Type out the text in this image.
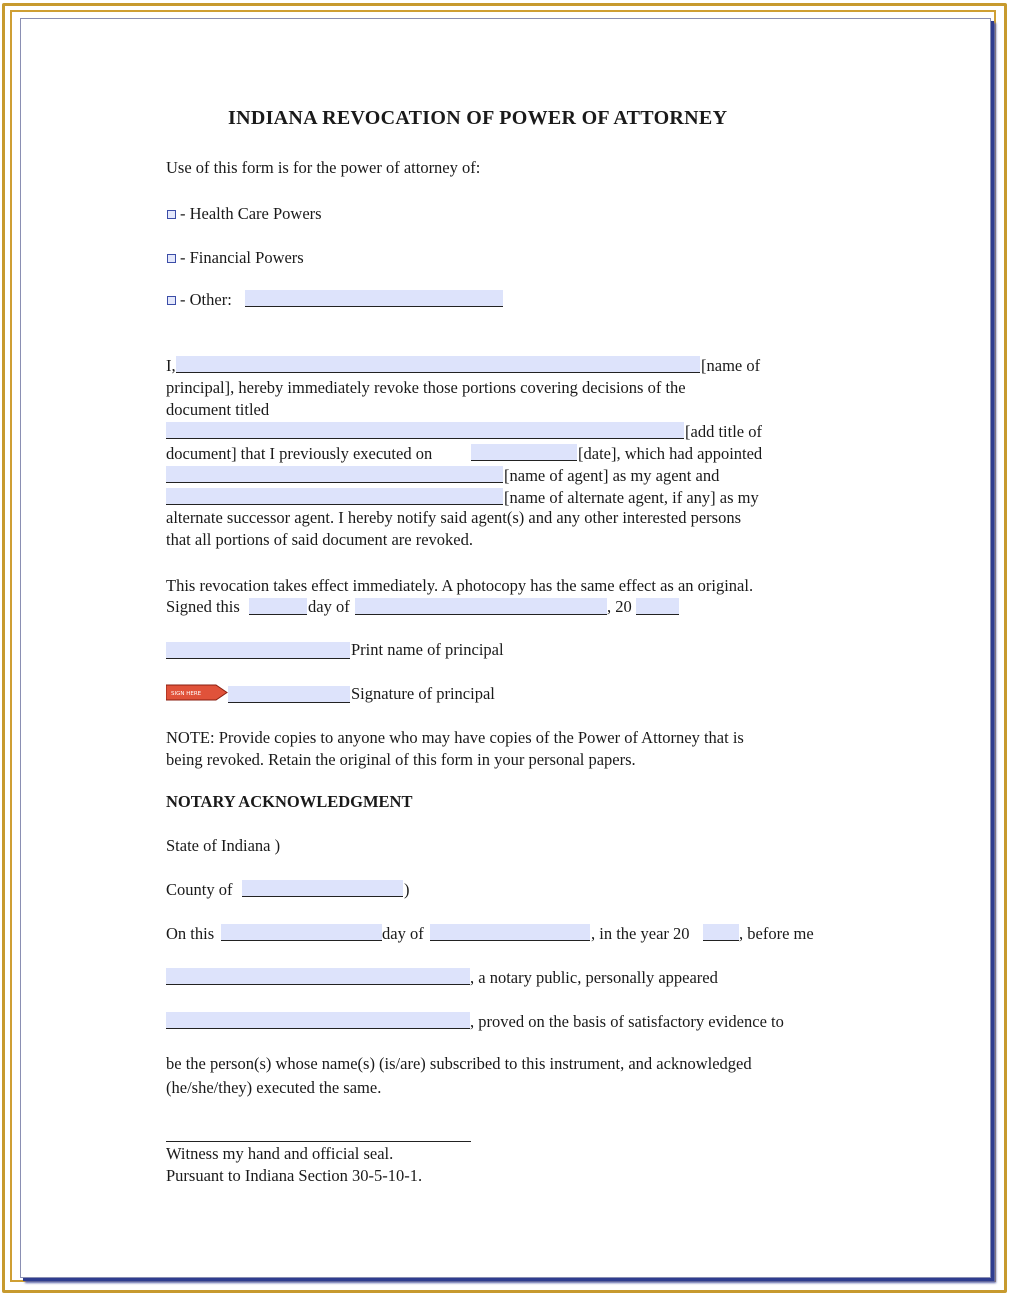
INDIANA REVOCATION OF POWER OF ATTORNEY
Use of this form is for the power of attorney of:
- Health Care Powers
- Financial Powers
- Other:
I,	[name of
principal], hereby immediately revoke those portions covering decisions of the
document titled
[add title of
document] that I previously executed on	[date], which had appointed
[name of agent] as my agent and
[name of alternate agent, if any] as my
alternate successor agent. I hereby notify said agent(s) and any other interested persons
that all portions of said document are revoked.
This revocation takes effect immediately. A photocopy has the same effect as an original.
Signed this	day of	, 20
Print name of principal
SIGN HERE	Signature of principal
NOTE: Provide copies to anyone who may have copies of the Power of Attorney that is
being revoked. Retain the original of this form in your personal papers.
NOTARY ACKNOWLEDGMENT
State of Indiana )
County of	)
On this	day of	, in the year 20	, before me
, a notary public, personally appeared
, proved on the basis of satisfactory evidence to
be the person(s) whose name(s) (is/are) subscribed to this instrument, and acknowledged
(he/she/they) executed the same.
Witness my hand and official seal.
Pursuant to Indiana Section 30-5-10-1.
